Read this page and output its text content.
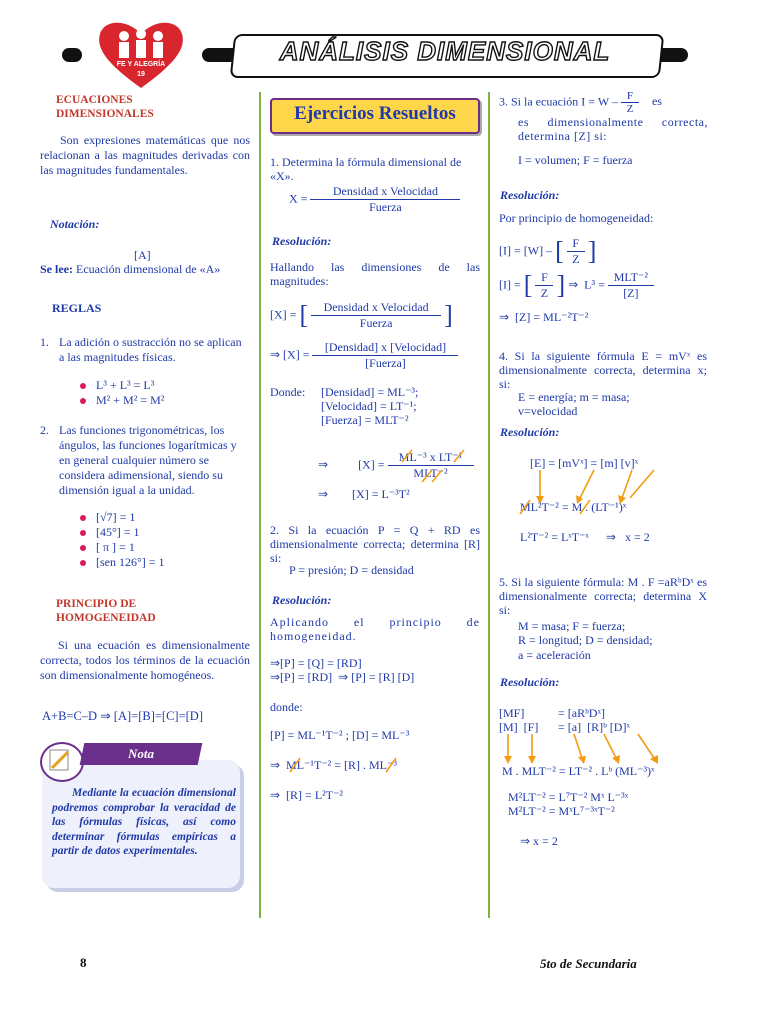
ANÁLISIS DIMENSIONAL
FE Y ALEGRÍA
19
ECUACIONES
DIMENSIONALES
Son expresiones matemáticas que nos relacionan a las magnitudes derivadas con las magnitudes fundamentales.
Notación:
[A]
Se lee: Ecuación dimensional de «A»
REGLAS
1. La adición o sustracción no se aplican a las magnitudes físicas.
L³ + L³ = L³
M² + M² = M²
2. Las funciones trigonométricas, los ángulos, las funciones logarítmicas y en general cualquier número se considera adimensional, siendo su dimensión igual a la unidad.
[√7] = 1
[45°] = 1
[ π ] = 1
[sen 126°] = 1
PRINCIPIO DE
HOMOGENEIDAD
Si una ecuación es dimensionalmente correcta, todos los términos de la ecuación son dimensionalmente homogéneos.
A+B=C–D ⇒ [A]=[B]=[C]=[D]
Nota
Mediante la ecuación dimensional podremos comprobar la veracidad de las fórmulas físicas, así como determinar fórmulas empíricas a partir de datos experimentales.
Ejercicios Resueltos
1. Determina la fórmula dimensional de «X».
$X = \frac{\text{Densidad x Velocidad}}{\text{Fuerza}}$
Resolución:
Hallando las dimensiones de las magnitudes:
[X] = [ $\frac{\text{Densidad x Velocidad}}{\text{Fuerza}}$ ]
⇒ $[X] = \frac{\text{[Densidad] x [Velocidad]}}{\text{[Fuerza]}}$
Donde: [Densidad] = ML⁻³;
[Velocidad] = LT⁻¹;
[Fuerza] = MLT⁻²
⇒	$[X] = \frac{\text{ML⁻³ x LT⁻¹}}{\text{MLT⁻²}}$
⇒        [X] = L⁻³T²
2. Si la ecuación P = Q + RD es dimensionalmente correcta; determina [R] si:
P = presión; D = densidad
Resolución:
Aplicando el principio de homogeneidad.
⇒[P] = [Q] = [RD]
⇒[P] = [RD]  ⇒ [P] = [R] [D]
donde:
[P] = ML⁻¹T⁻² ; [D] = ML⁻³
⇒  ML⁻¹T⁻² = [R] . ML⁻³
⇒  [R] = L²T⁻²
3. Si la ecuación $I = W - \frac{F}{Z}$ es
es dimensionalmente correcta, determina [Z] si:
I = volumen; F = fuerza
Resolución:
Por principio de homogeneidad:
[I] = [W] – [ $\frac{F}{Z}$ ]
[I] = [ $\frac{F}{Z}$ ] ⇒  $L^3 = \frac{\text{MLT⁻²}}{[Z]}$
⇒  [Z] = ML⁻²T⁻²
4. Si la siguiente fórmula E = mVˣ es dimensionalmente correcta, determina x; si:
E = energía; m = masa;
v=velocidad
Resolución:
[E] = [mVˣ] = [m] [v]ˣ
ML²T⁻² = M . (LT⁻¹)ˣ
L²T⁻² = LˣT⁻ˣ ⇒   x = 2
5. Si la siguiente fórmula: M . F =aRᵇDˣ es dimensionalmente correcta; determina X si:
M = masa; F = fuerza;
R = longitud; D = densidad;
a = aceleración
Resolución:
[MF]	= [aRᵇDˣ]
[M]  [F] = [a]  [R]ᵇ [D]ˣ
M . MLT⁻² = LT⁻² . Lᵇ (ML⁻³)ˣ
M²LT⁻² = L⁷T⁻² Mˣ L⁻³ˣ
M²LT⁻² = MˣL⁷⁻³ˣT⁻²
⇒ x = 2
8	5to de Secundaria
